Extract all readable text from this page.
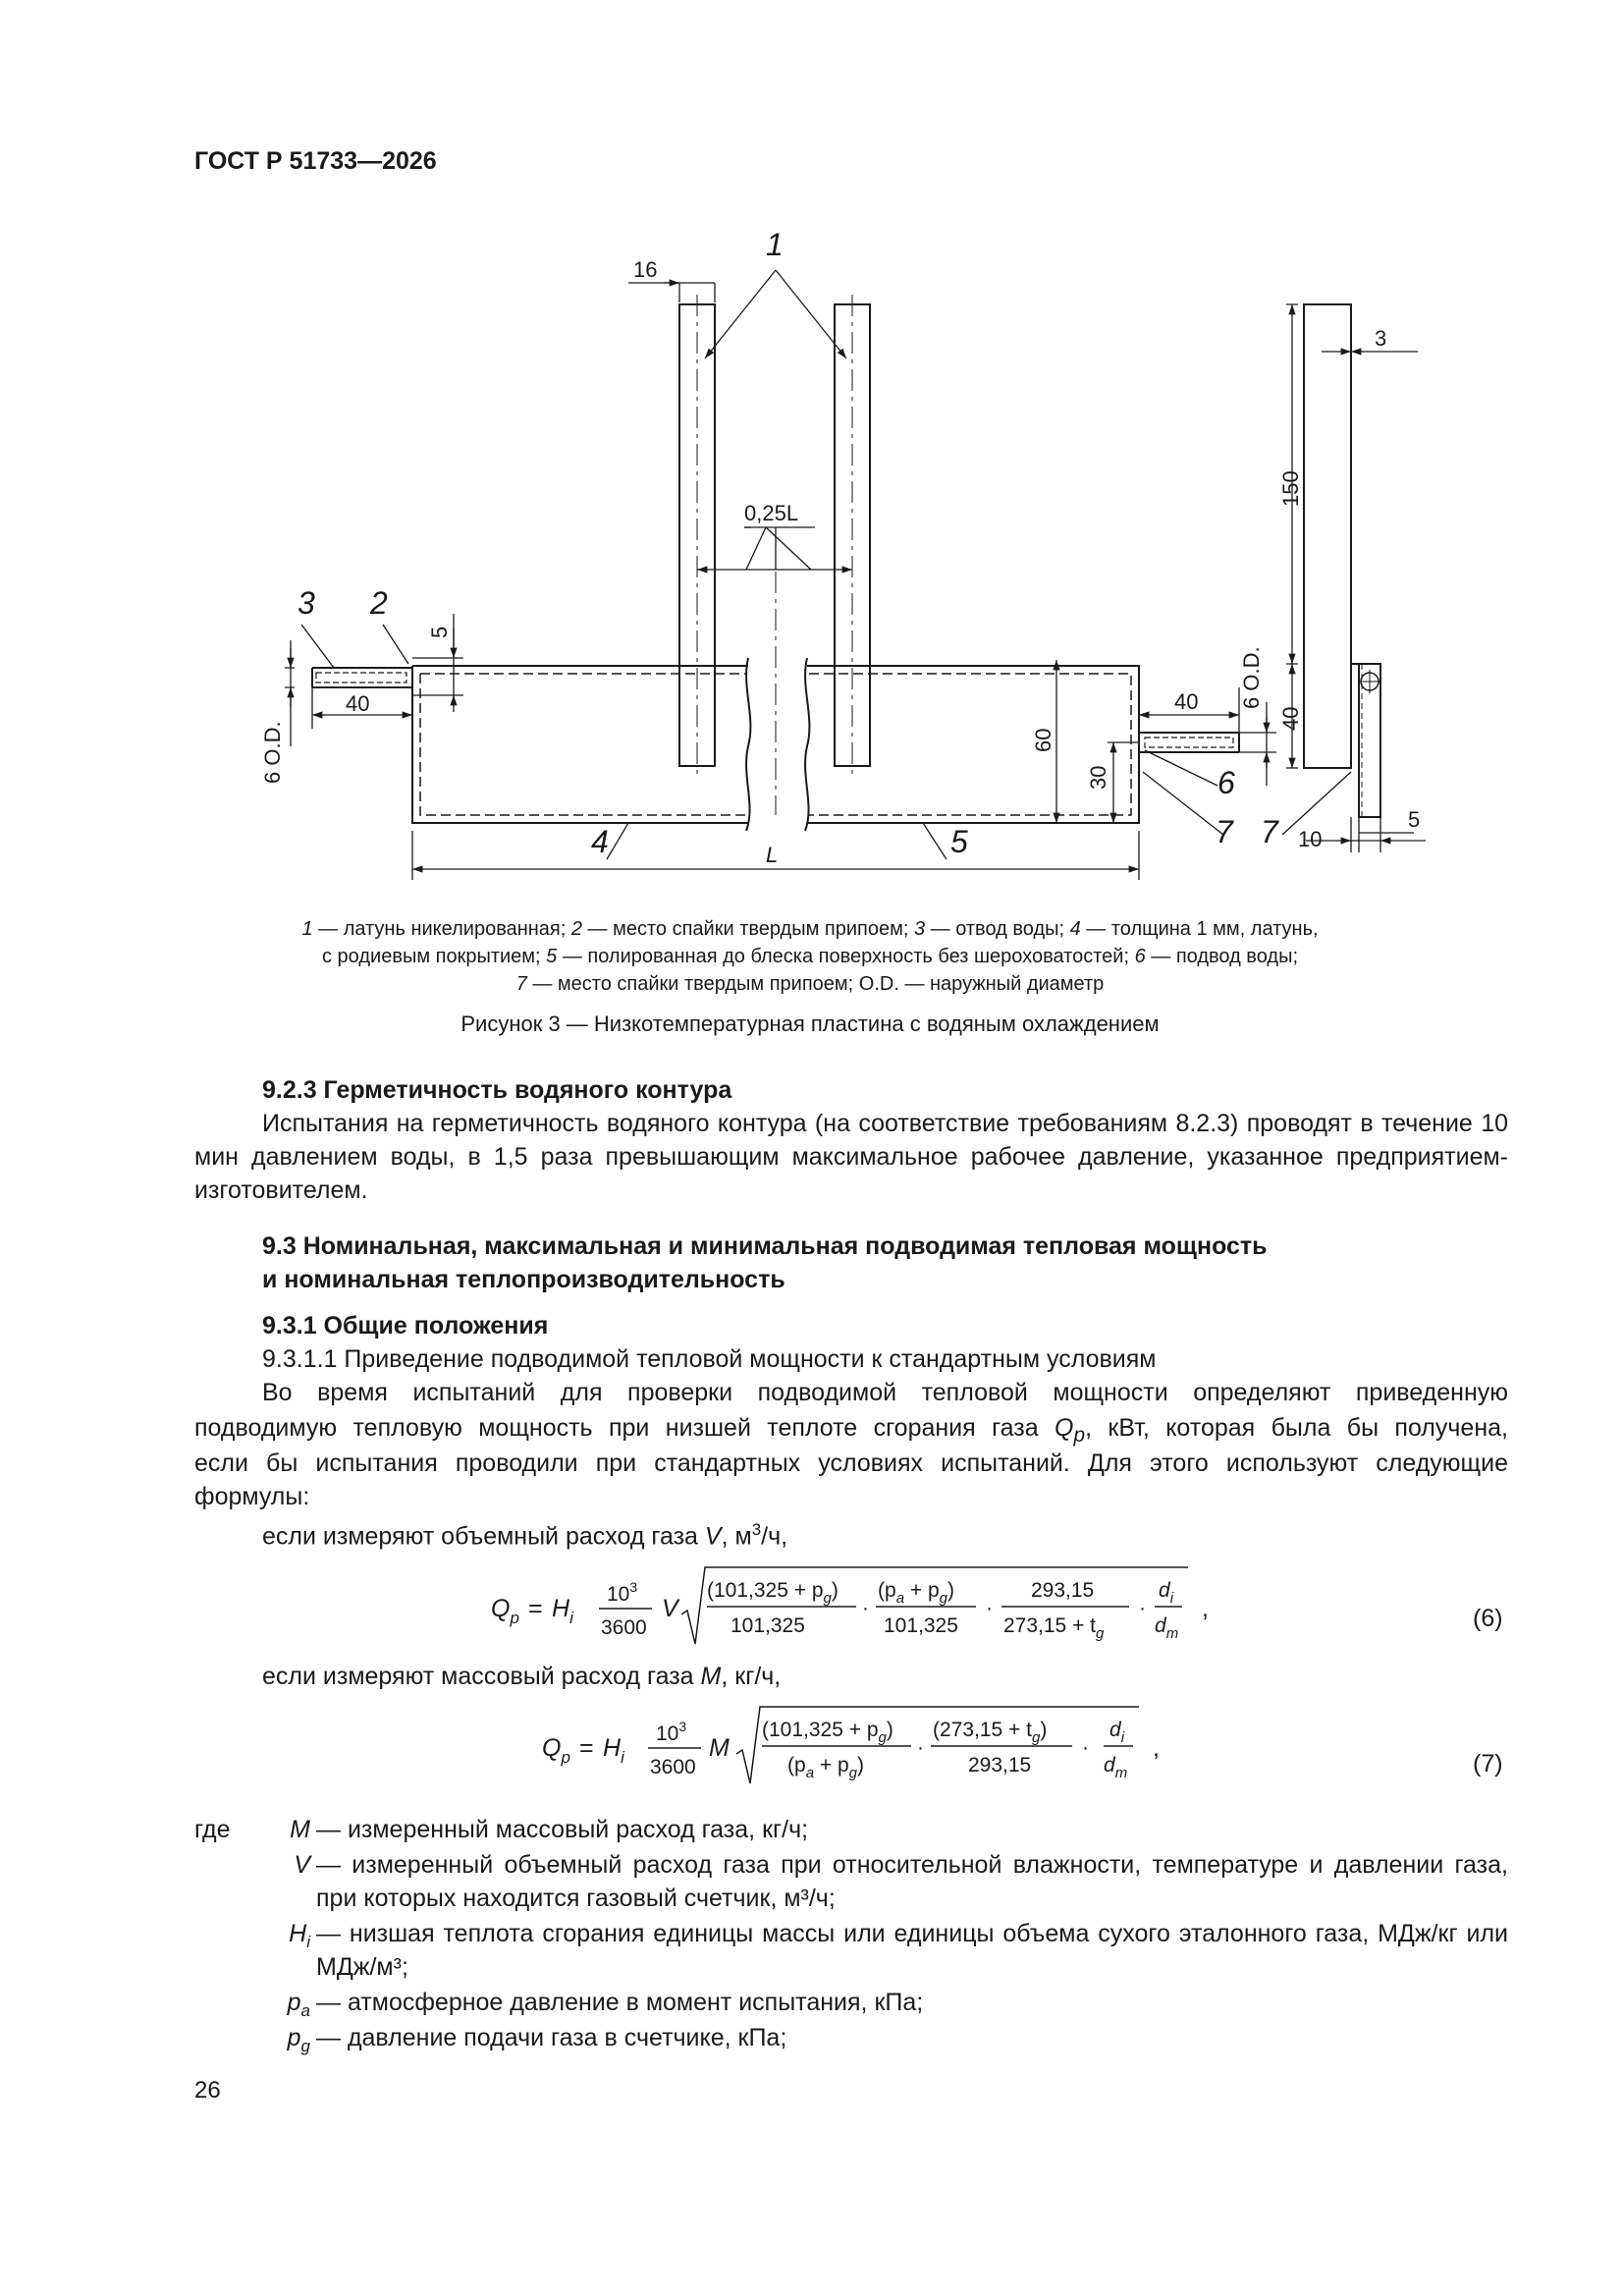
ГОСТ Р 51733—2026
16
0,25L
5
6 O.D.
40
60
30
40 6 O.D.
L
150
3
40
10
5
1
2
3
4	5
6
7 7
1 — латунь никелированная; 2 — место спайки твердым припоем; 3 — отвод воды; 4 — толщина 1 мм, латунь,
с родиевым покрытием; 5 — полированная до блеска поверхность без шероховатостей; 6 — подвод воды;
7 — место спайки твердым припоем; O.D. — наружный диаметр
Рисунок 3 — Низкотемпературная пластина с водяным охлаждением
9.2.3 Герметичность водяного контура
Испытания на герметичность водяного контура (на соответствие требованиям 8.2.3) проводят в течение 10 мин давлением воды, в 1,5 раза превышающим максимальное рабочее давление, указанное предприятием-изготовителем.
9.3 Номинальная, максимальная и минимальная подводимая тепловая мощность
и номинальная теплопроизводительность
9.3.1 Общие положения
9.3.1.1 Приведение подводимой тепловой мощности к стандартным условиям
Во время испытаний для проверки подводимой тепловой мощности определяют приведенную
подводимую тепловую мощность при низшей теплоте сгорания газа $Q_p$, кВт, которая была бы получена,
если бы испытания проводили при стандартных условиях испытаний. Для этого используют следующие
формулы:
если измеряют объемный расход газа V, $м^3/ч$,
$Q_p = H_i$
$10^3$
3600
V
$(101,325 + p_g)$
101,325
·
$(p_a + p_g)$
101,325
·
293,15
$273,15 + t_g$
·
$d_i$
$d_m$
,	(6)
если измеряют массовый расход газа M, кг/ч,
$Q_p = H_i$
$10^3$
3600
M
$(101,325 + p_g)$
$(p_a + p_g)$
·
$(273,15 + t_g)$
293,15
·
$d_i$
$d_m$
,
(7)
где	M — измеренный массовый расход газа, кг/ч;
V — измеренный объемный расход газа при относительной влажности, температуре и давлении газа, при которых находится газовый счетчик, м³/ч;
$H_i$ — низшая теплота сгорания единицы массы или единицы объема сухого эталонного газа, МДж/кг или МДж/м³;
$p_a$ — атмосферное давление в момент испытания, кПа;
$p_g$ — давление подачи газа в счетчике, кПа;
26
